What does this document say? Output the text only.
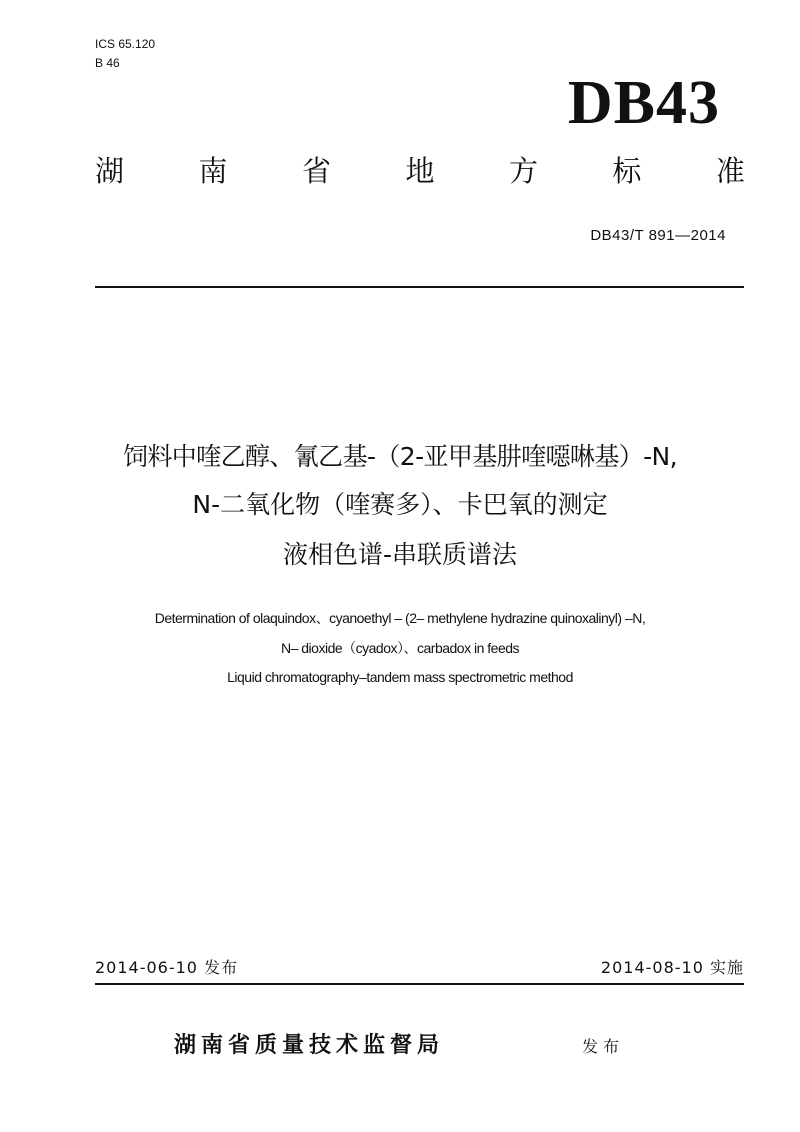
ICS 65.120
B 46
DB43
湖	南	省	地	方	标	准
DB43/T 891—2014
饲料中喹乙醇、氰乙基-（2-亚甲基肼喹噁啉基）-N,
N-二氧化物（喹赛多）、卡巴氧的测定
液相色谱-串联质谱法
Determination of olaquindox、cyanoethyl – (2– methylene hydrazine quinoxalinyl) –N,
N– dioxide（cyadox）、carbadox in feeds
Liquid chromatography–tandem mass spectrometric method
2014-06-10 发布	2014-08-10 实施
湖南省质量技术监督局	发布
